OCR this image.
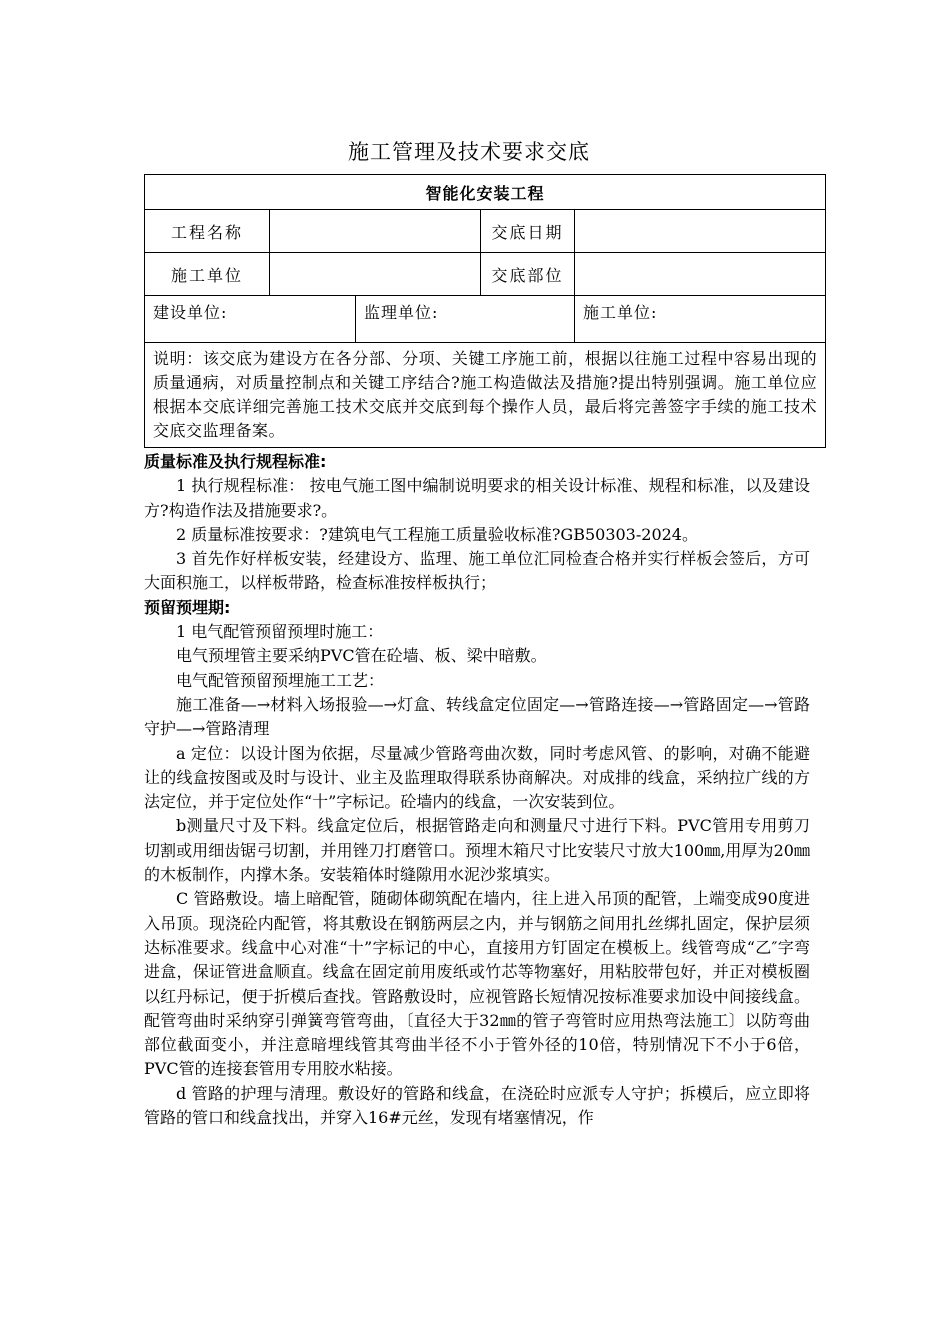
施工管理及技术要求交底
智能化安装工程				
工程名称			交底日期	
施工单位			交底部位	
建设单位:		监理单位:		施工单位:
说明：该交底为建设方在各分部、分项、关键工序施工前，根据以往施工过程中容易出现的质量通病，对质量控制点和关键工序结合?施工构造做法及措施?提出特别强调。施工单位应根据本交底详细完善施工技术交底并交底到每个操作人员，最后将完善签字手续的施工技术交底交监理备案。				

质量标准及执行规程标准:

1 执行规程标准： 按电气施工图中编制说明要求的相关设计标准、规程和标准，以及建设方?构造作法及措施要求?。

2 质量标准按要求：?建筑电气工程施工质量验收标准?GB50303-2024。

3 首先作好样板安装，经建设方、监理、施工单位汇同检查合格并实行样板会签后，方可大面积施工，以样板带路，检查标准按样板执行；

预留预埋期:

1 电气配管预留预埋时施工：

电气预埋管主要采纳PVC管在砼墙、板、梁中暗敷。

电气配管预留预埋施工工艺：

施工准备—→材料入场报验—→灯盒、转线盒定位固定—→管路连接—→管路固定—→管路守护—→管路清理

a 定位：以设计图为依据，尽量减少管路弯曲次数，同时考虑风管、的影响，对确不能避让的线盒按图或及时与设计、业主及监理取得联系协商解决。对成排的线盒，采纳拉广线的方法定位，并于定位处作“十”字标记。砼墙内的线盒，一次安装到位。

b测量尺寸及下料。线盒定位后，根据管路走向和测量尺寸进行下料。PVC管用专用剪刀切割或用细齿锯弓切割，并用锉刀打磨管口。预埋木箱尺寸比安装尺寸放大100㎜,用厚为20㎜的木板制作，内撑木条。安装箱体时缝隙用水泥沙浆填实。

C 管路敷设。墙上暗配管，随砌体砌筑配在墙内，往上进入吊顶的配管，上端变成90度进入吊顶。现浇砼内配管，将其敷设在钢筋两层之内，并与钢筋之间用扎丝绑扎固定，保护层须达标准要求。线盒中心对准“十”字标记的中心，直接用方钉固定在模板上。线管弯成“乙″字弯进盒，保证管进盒顺直。线盒在固定前用废纸或竹芯等物塞好，用粘胶带包好，并正对模板圈以红丹标记，便于折模后查找。管路敷设时，应视管路长短情况按标准要求加设中间接线盒。配管弯曲时采纳穿引弹簧弯管弯曲，〔直径大于32㎜的管子弯管时应用热弯法施工〕以防弯曲部位截面变小，并注意暗埋线管其弯曲半径不小于管外径的10倍，特别情况下不小于6倍，PVC管的连接套管用专用胶水粘接。

d 管路的护理与清理。敷设好的管路和线盒，在浇砼时应派专人守护；拆模后，应立即将管路的管口和线盒找出，并穿入16#元丝，发现有堵塞情况，作
